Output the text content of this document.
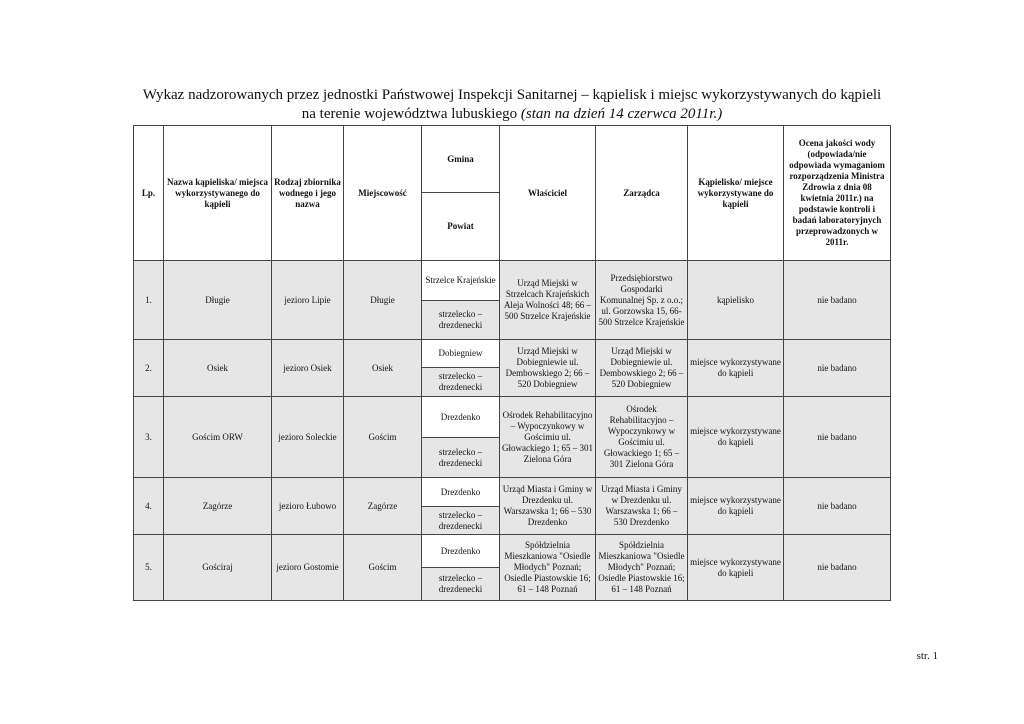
Wykaz nadzorowanych przez jednostki Państwowej Inspekcji Sanitarnej – kąpielisk i miejsc wykorzystywanych do kąpieli
na terenie województwa lubuskiego (stan na dzień 14 czerwca 2011r.)
Lp.	Nazwa kąpieliska/ miejsca wykorzystywanego do kąpieli	Rodzaj zbiornika wodnego i jego nazwa	Miejscowość	Gmina	Właściciel	Zarządca	Kąpielisko/ miejsce wykorzystywane do kąpieli	Ocena jakości wody (odpowiada/nie odpowiada wymaganiom rozporządzenia Ministra Zdrowia z dnia 08 kwietnia 2011r.) na podstawie kontroli i badań laboratoryjnych przeprowadzonych w 2011r.
				Powiat				
1.	Długie	jezioro Lipie	Długie	Strzelce Krajeńskie	Urząd Miejski w Strzelcach Krajeńskich Aleja Wolności 48; 66 – 500 Strzelce Krajeńskie	Przedsiębiorstwo Gospodarki Komunalnej Sp. z o.o.; ul. Gorzowska 15, 66-500 Strzelce Krajeńskie	kąpielisko	nie badano
				strzelecko – drezdenecki				
2.	Osiek	jezioro Osiek	Osiek	Dobiegniew	Urząd Miejski w Dobiegniewie ul. Dembowskiego 2; 66 – 520 Dobiegniew	Urząd Miejski w Dobiegniewie ul. Dembowskiego 2; 66 – 520 Dobiegniew	miejsce wykorzystywane do kąpieli	nie badano
				strzelecko – drezdenecki				
3.	Gościm ORW	jezioro Soleckie	Gościm	Drezdenko	Ośrodek Rehabilitacyjno – Wypoczynkowy w Gościmiu ul. Głowackiego 1; 65 – 301 Zielona Góra	Ośrodek Rehabilitacyjno – Wypoczynkowy w Gościmiu ul. Głowackiego 1; 65 – 301 Zielona Góra	miejsce wykorzystywane do kąpieli	nie badano
				strzelecko – drezdenecki				
4.	Zagórze	jezioro Łubowo	Zagórze	Drezdenko	Urząd Miasta i Gminy w Drezdenku ul. Warszawska 1; 66 – 530 Drezdenko	Urząd Miasta i Gminy w Drezdenku ul. Warszawska 1; 66 – 530 Drezdenko	miejsce wykorzystywane do kąpieli	nie badano
				strzelecko – drezdenecki				
5.	Gościraj	jezioro Gostomie	Gościm	Drezdenko	Spółdzielnia Mieszkaniowa "Osiedle Młodych" Poznań; Osiedle Piastowskie 16; 61 – 148 Poznań	Spółdzielnia Mieszkaniowa "Osiedle Młodych" Poznań; Osiedle Piastowskie 16; 61 – 148 Poznań	miejsce wykorzystywane do kąpieli	nie badano
				strzelecko – drezdenecki				
str. 1
